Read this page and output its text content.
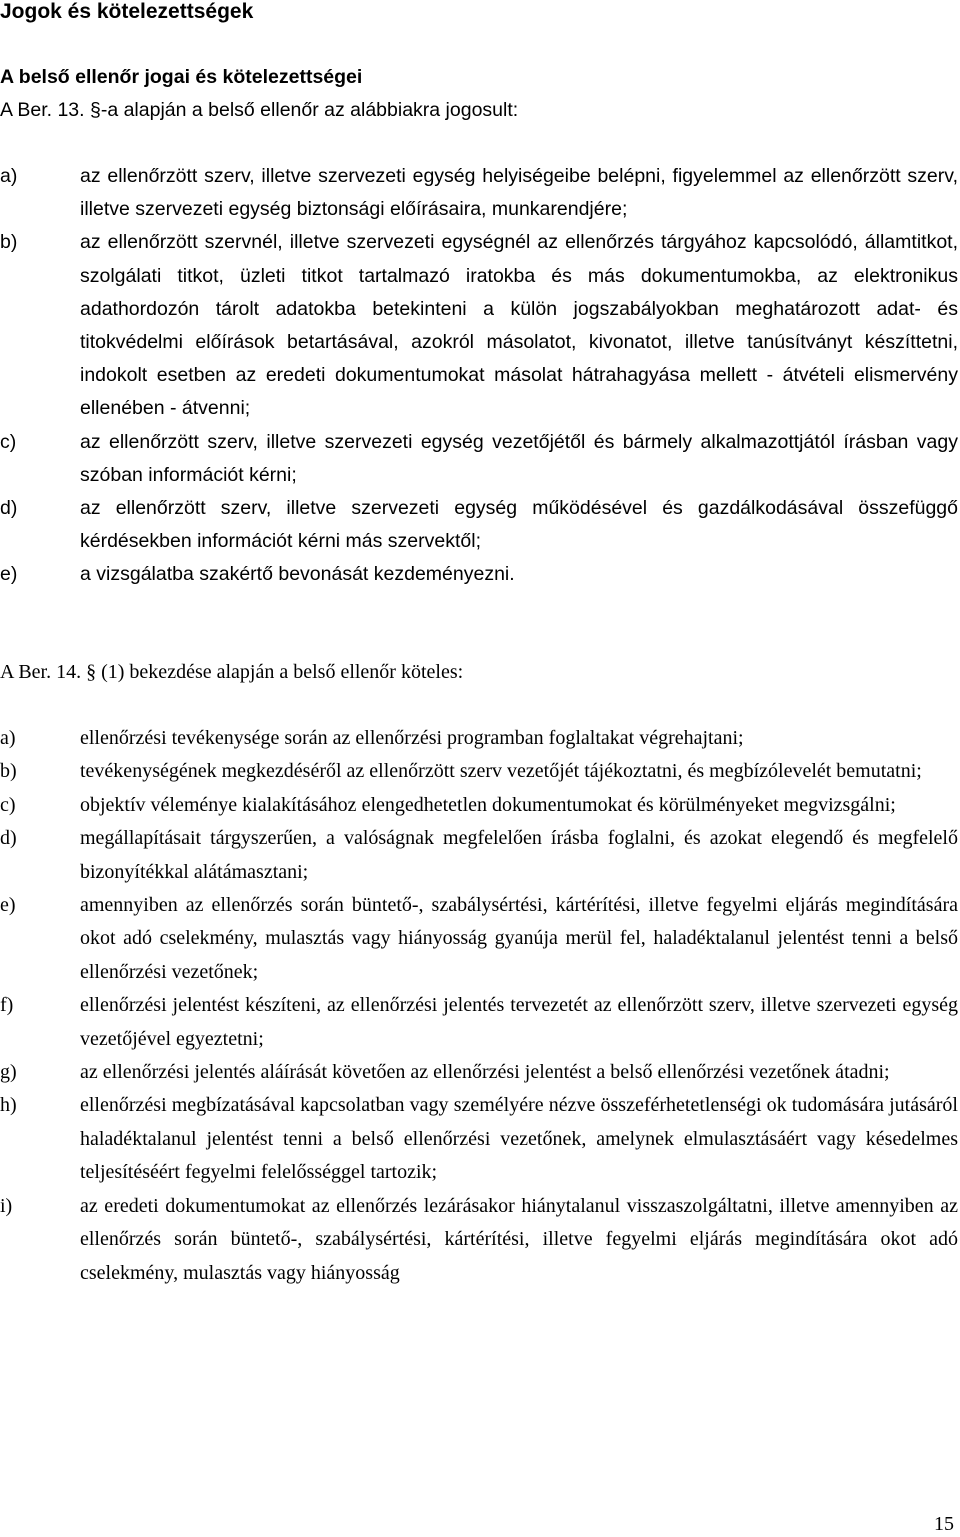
Jogok és kötelezettségek
A belső ellenőr jogai és kötelezettségei

A Ber. 13. §-a alapján a belső ellenőr az alábbiakra jogosult:

a)	az ellenőrzött szerv, illetve szervezeti egység helyiségeibe belépni, figyelemmel az ellenőrzött szerv, illetve szervezeti egység biztonsági előírásaira, munkarendjére;
b)	az ellenőrzött szervnél, illetve szervezeti egységnél az ellenőrzés tárgyához kapcsolódó, államtitkot, szolgálati titkot, üzleti titkot tartalmazó iratokba és más dokumentumokba, az elektronikus adathordozón tárolt adatokba betekinteni a külön jogszabályokban meghatározott adat- és titokvédelmi előírások betartásával, azokról másolatot, kivonatot, illetve tanúsítványt készíttetni, indokolt esetben az eredeti dokumentumokat másolat hátrahagyása mellett - átvételi elismervény ellenében - átvenni;
c)	az ellenőrzött szerv, illetve szervezeti egység vezetőjétől és bármely alkalmazottjától írásban vagy szóban információt kérni;
d)	az ellenőrzött szerv, illetve szervezeti egység működésével és gazdálkodásával összefüggő kérdésekben információt kérni más szervektől;
e)	a vizsgálatba szakértő bevonását kezdeményezni.

A Ber. 14. § (1) bekezdése alapján a belső ellenőr köteles:

a)	ellenőrzési tevékenysége során az ellenőrzési programban foglaltakat végrehajtani;
b)	tevékenységének megkezdéséről az ellenőrzött szerv vezetőjét tájékoztatni, és megbízólevelét bemutatni;
c)	objektív véleménye kialakításához elengedhetetlen dokumentumokat és körülményeket megvizsgálni;
d)	megállapításait tárgyszerűen, a valóságnak megfelelően írásba foglalni, és azokat elegendő és megfelelő bizonyítékkal alátámasztani;
e)	amennyiben az ellenőrzés során büntető-, szabálysértési, kártérítési, illetve fegyelmi eljárás megindítására okot adó cselekmény, mulasztás vagy hiányosság gyanúja merül fel, haladéktalanul jelentést tenni a belső ellenőrzési vezetőnek;
f)	ellenőrzési jelentést készíteni, az ellenőrzési jelentés tervezetét az ellenőrzött szerv, illetve szervezeti egység vezetőjével egyeztetni;
g)	az ellenőrzési jelentés aláírását követően az ellenőrzési jelentést a belső ellenőrzési vezetőnek átadni;
h)	ellenőrzési megbízatásával kapcsolatban vagy személyére nézve összeférhetetlenségi ok tudomására jutásáról haladéktalanul jelentést tenni a belső ellenőrzési vezetőnek, amelynek elmulasztásáért vagy késedelmes teljesítéséért fegyelmi felelősséggel tartozik;
i)	az eredeti dokumentumokat az ellenőrzés lezárásakor hiánytalanul visszaszolgáltatni, illetve amennyiben az ellenőrzés során büntető-, szabálysértési, kártérítési, illetve fegyelmi eljárás megindítására okot adó cselekmény, mulasztás vagy hiányosság
15
